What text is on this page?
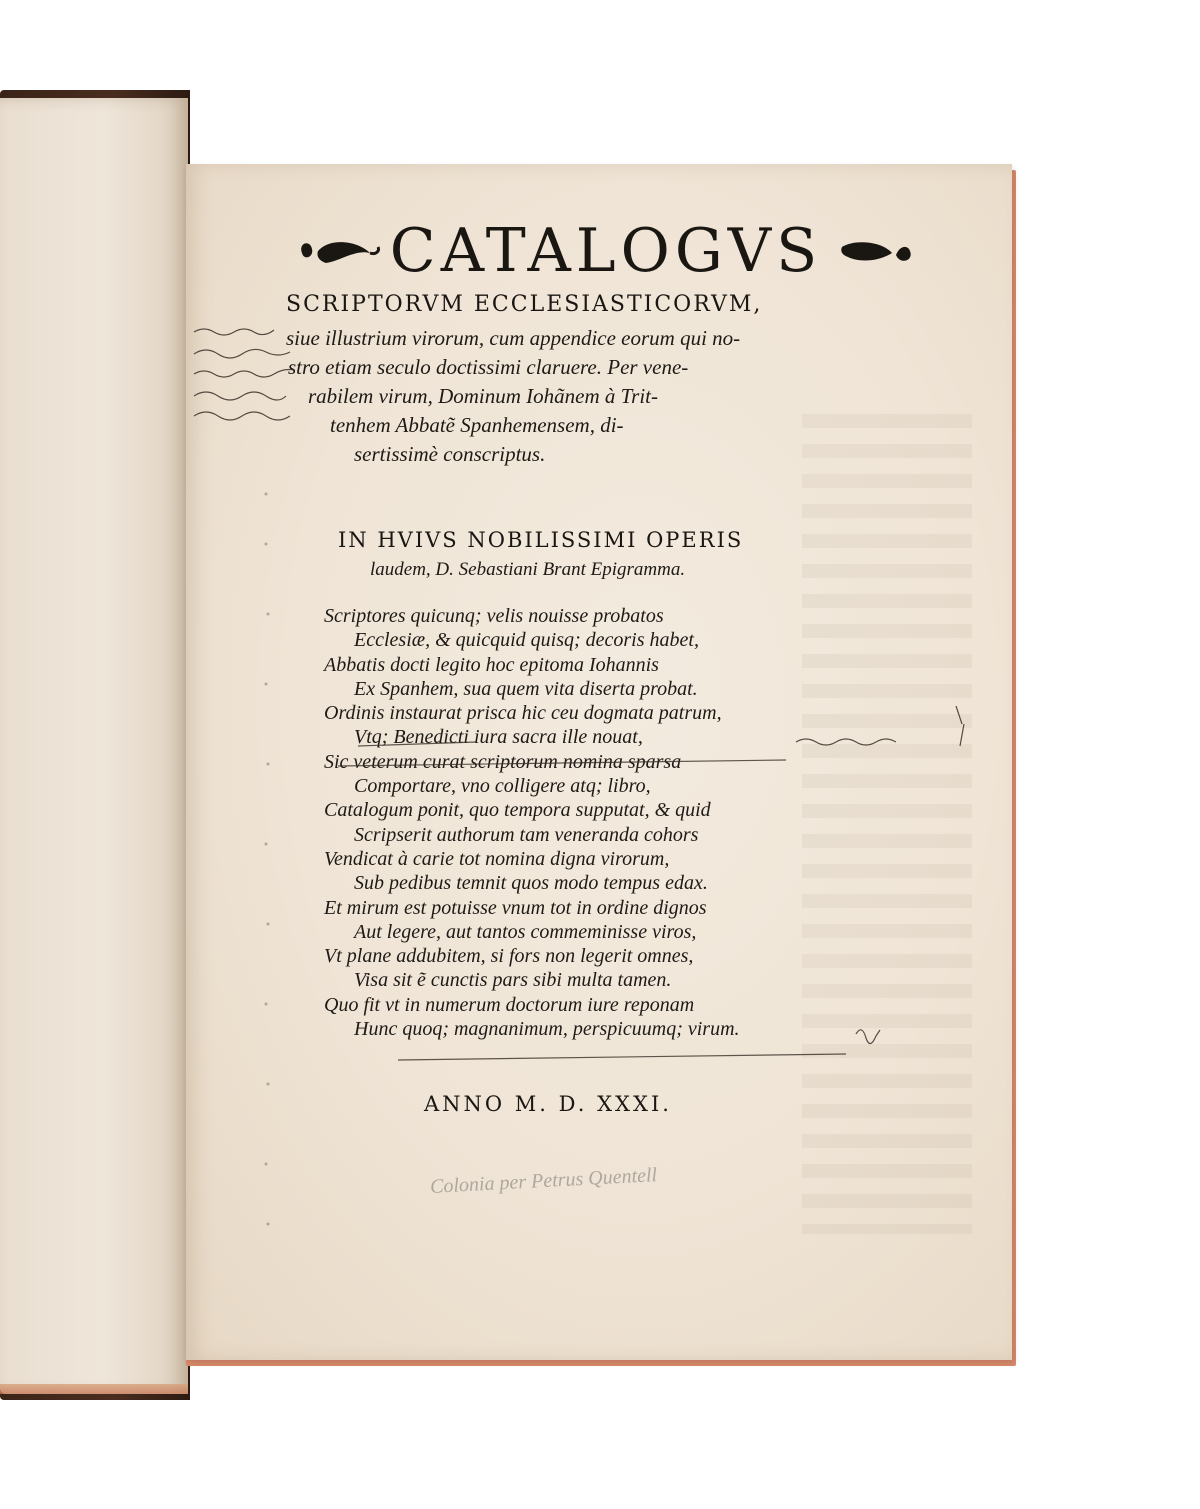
CATALOGVS
SCRIPTORVM ECCLESIASTICORVM,
siue illustrium virorum, cum appendice eorum qui no-
stro etiam seculo doctissimi claruere. Per vene-
rabilem virum, Dominum Iohãnem à Trit-
tenhem Abbatẽ Spanhemensem, di-
sertissimè conscriptus.
IN HVIVS NOBILISSIMI OPERIS
laudem, D. Sebastiani Brant Epigramma.
Scriptores quicunq; velis nouisse probatos
Ecclesiæ, & quicquid quisq; decoris habet,
Abbatis docti legito hoc epitoma Iohannis
Ex Spanhem, sua quem vita diserta probat.
Ordinis instaurat prisca hic ceu dogmata patrum,
Vtq; Benedicti iura sacra ille nouat,
Sic veterum curat scriptorum nomina sparsa
Comportare, vno colligere atq; libro,
Catalogum ponit, quo tempora supputat, & quid
Scripserit authorum tam veneranda cohors
Vendicat à carie tot nomina digna virorum,
Sub pedibus temnit quos modo tempus edax.
Et mirum est potuisse vnum tot in ordine dignos
Aut legere, aut tantos commeminisse viros,
Vt plane addubitem, si fors non legerit omnes,
Visa sit ẽ cunctis pars sibi multa tamen.
Quo fit vt in numerum doctorum iure reponam
Hunc quoq; magnanimum, perspicuumq; virum.
ANNO M. D. XXXI.
Colonia per Petrus Quentell
